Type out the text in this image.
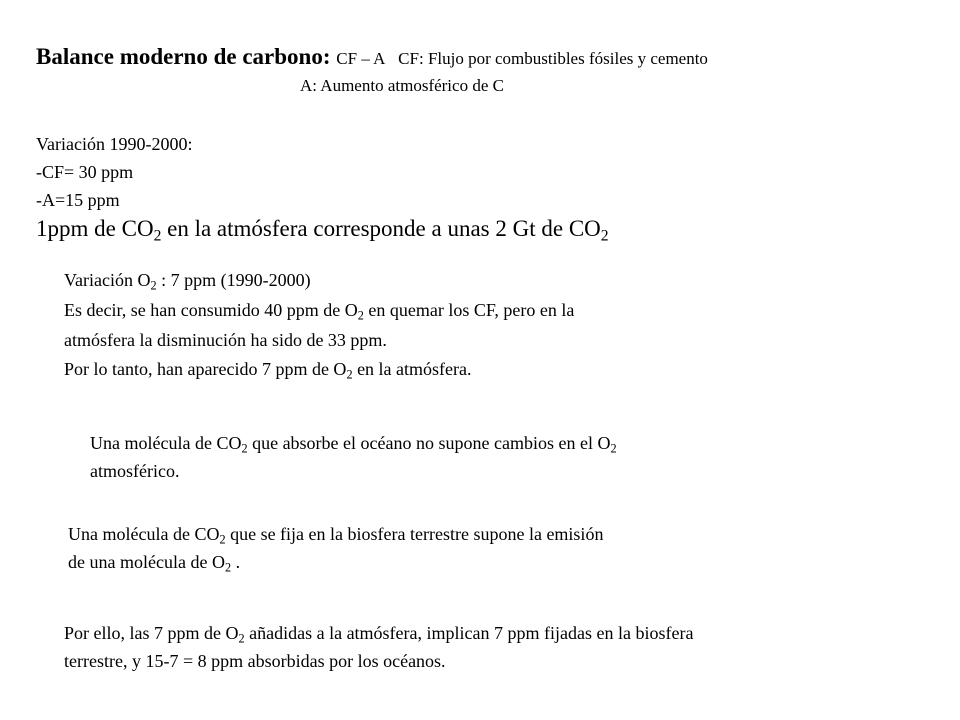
Balance moderno de carbono: CF – A CF: Flujo por combustibles fósiles y cemento
A: Aumento atmosférico de C
Variación 1990-2000:
-CF= 30 ppm
-A=15 ppm
1ppm de $CO_2$ en la atmósfera corresponde a unas 2 Gt de $CO_2$
Variación $O_2$ : 7 ppm (1990-2000)
Es decir, se han consumido 40 ppm de $O_2$ en quemar los CF, pero en la
atmósfera la disminución ha sido de 33 ppm.
Por lo tanto, han aparecido 7 ppm de $O_2$ en la atmósfera.
Una molécula de $CO_2$ que absorbe el océano no supone cambios en el $O_2$
atmosférico.
Una molécula de $CO_2$ que se fija en la biosfera terrestre supone la emisión
de una molécula de $O_2$ .
Por ello, las 7 ppm de $O_2$ añadidas a la atmósfera, implican 7 ppm fijadas en la biosfera
terrestre, y 15-7 = 8 ppm absorbidas por los océanos.
